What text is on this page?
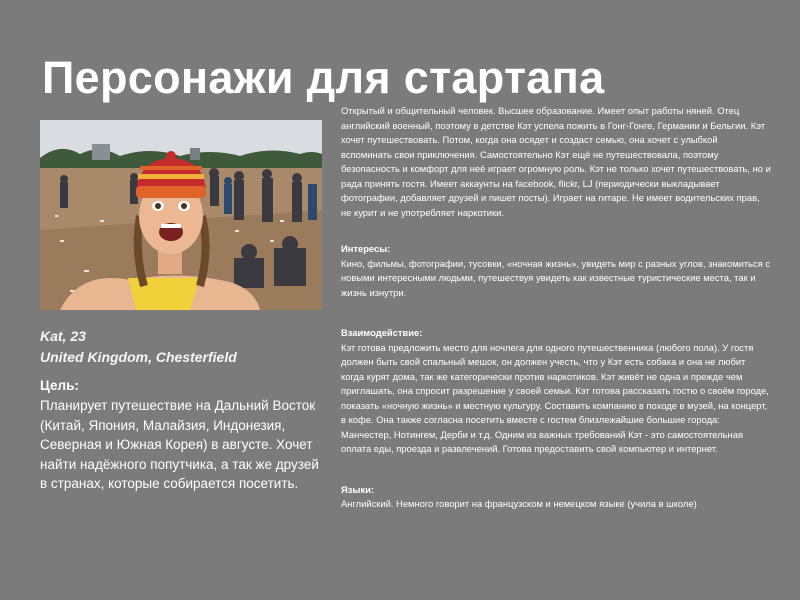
Персонажи для стартапа
Kat, 23
United Kingdom, Chesterfield
Цель:
Планирует путешествие на Дальний Восток (Китай, Япония, Малайзия, Индонезия, Северная и Южная Корея) в августе. Хочет найти надёжного попутчика, а так же друзей в странах, которые собирается посетить.

Открытый и общительный человек. Высшее образование. Имеет опыт работы няней. Отец английский военный, поэтому в детстве Кэт успела пожить в Гонг-Гонге, Германии и Бельгии. Кэт хочет путешествовать. Потом, когда она осядет и создаст семью, она хочет с улыбкой вспоминать свои приключения. Самостоятельно Кэт ещё не путешествовала, поэтому безопасность и комфорт для неё играет огромную роль. Кэт не только хочет путешествовать, но и рада принять гостя. Имеет аккаунты на facebook, flickr, LJ (периодически выкладывает фотографии, добавляет друзей и пишет посты). Играет на гитаре. Не имеет водительских прав, не курит и не употребляет наркотики.

Интересы:

Кино, фильмы, фотографии, тусовки, «ночная жизнь», увидеть мир с разных углов, знакомиться с новыми интересными людьми, путешествуя увидеть как известные туристические места, так и жизнь изнутри.

Взаимодействие:

Кэт готова предложить место для ночлега для одного путешественника (любого пола). У гостя должен быть свой спальный мешок, он должен учесть, что у Кэт есть собака и она не любит когда курят дома, так же категорически против наркотиков. Кэт живёт не одна и прежде чем приглашать, она спросит разрешение у своей семьи. Кэт готова рассказать гостю о своём городе, показать «ночную жизнь» и местную культуру. Составить компанию в походе в музей, на концерт, в кофе. Она также согласна посетить вместе с гостем близлежайшие большие города: Манчестер, Нотингем, Дерби и т.д. Одним из важных требований Кэт - это самостоятельная оплата еды, проезда и развлечений. Готова предоставить свой компьютер и интернет.

Языки:

Английский. Немного говорит на французском и немецком языке (учила в школе)
